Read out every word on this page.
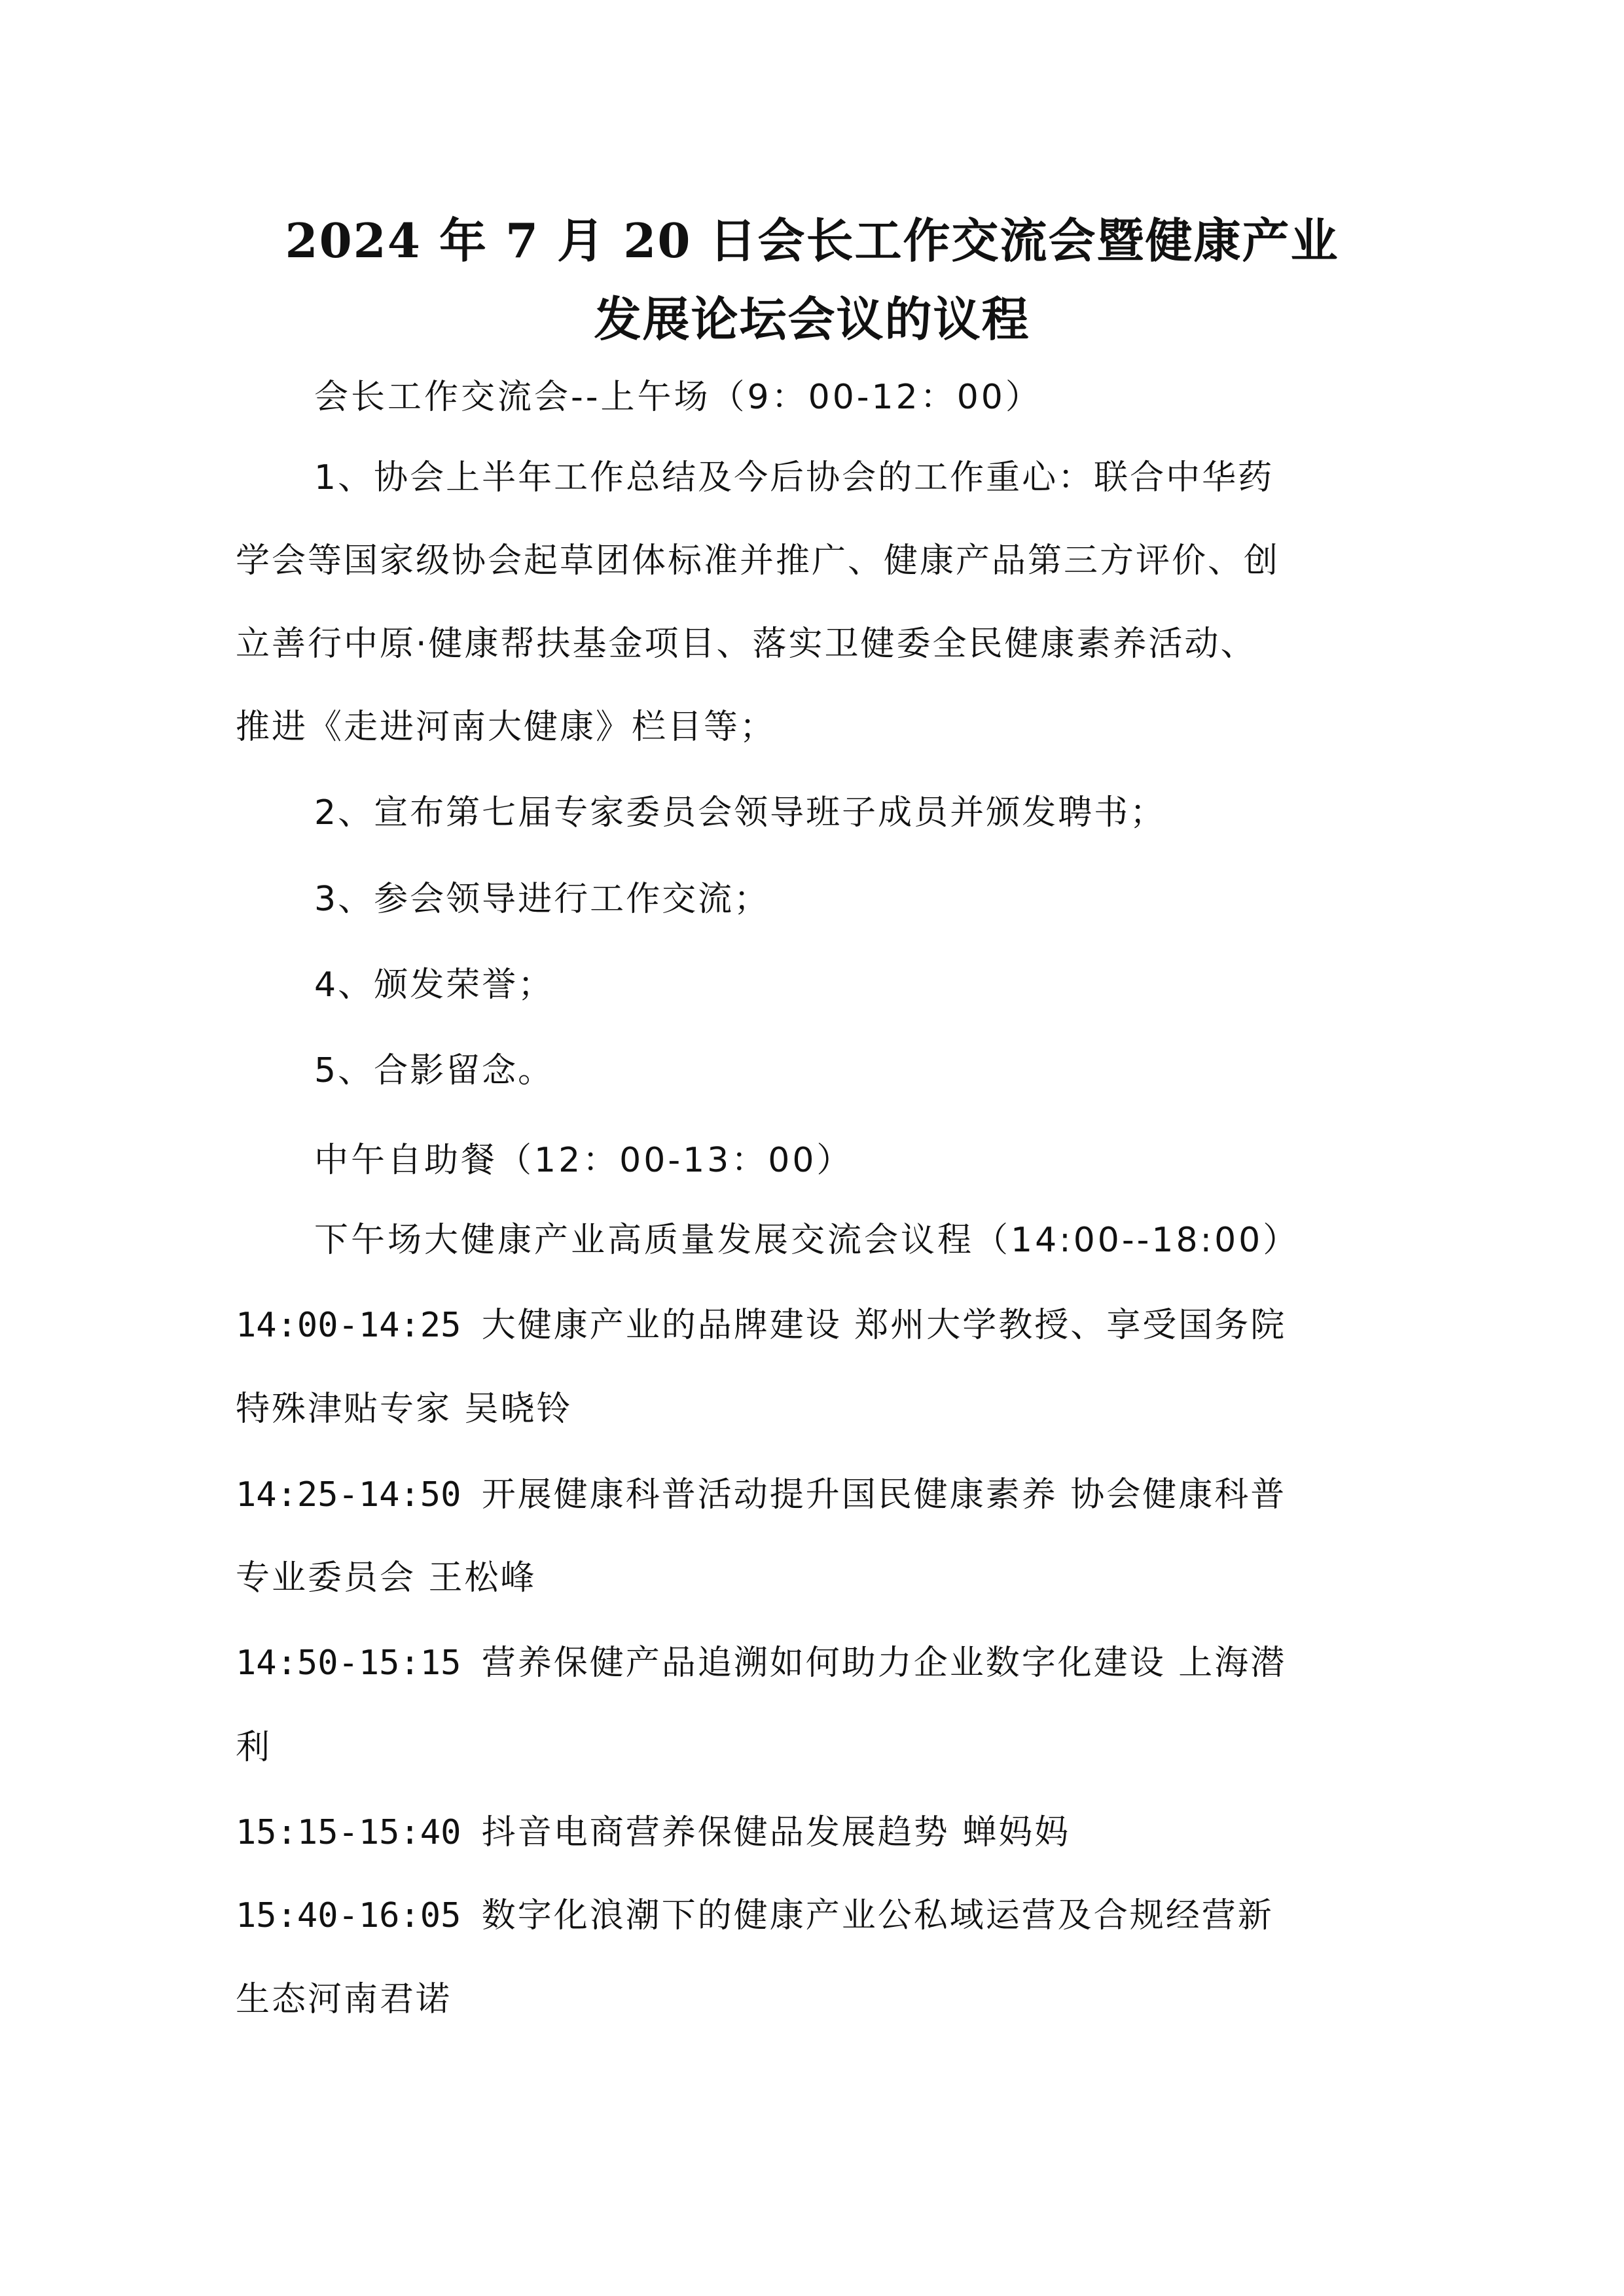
2024 年 7 月 20 日会长工作交流会暨健康产业
发展论坛会议的议程
会长工作交流会--上午场（9：00-12：00）
1、协会上半年工作总结及今后协会的工作重心：联合中华药
学会等国家级协会起草团体标准并推广、健康产品第三方评价、创
立善行中原·健康帮扶基金项目、落实卫健委全民健康素养活动、
推进《走进河南大健康》栏目等；
2、宣布第七届专家委员会领导班子成员并颁发聘书；
3、参会领导进行工作交流；
4、颁发荣誉；
5、合影留念。
中午自助餐（12：00-13：00）
下午场大健康产业高质量发展交流会议程（14:00--18:00）
14:00-14:25 大健康产业的品牌建设 郑州大学教授、享受国务院
特殊津贴专家 吴晓铃
14:25-14:50 开展健康科普活动提升国民健康素养 协会健康科普
专业委员会 王松峰
14:50-15:15 营养保健产品追溯如何助力企业数字化建设 上海潜
利
15:15-15:40 抖音电商营养保健品发展趋势 蝉妈妈
15:40-16:05 数字化浪潮下的健康产业公私域运营及合规经营新
生态河南君诺
